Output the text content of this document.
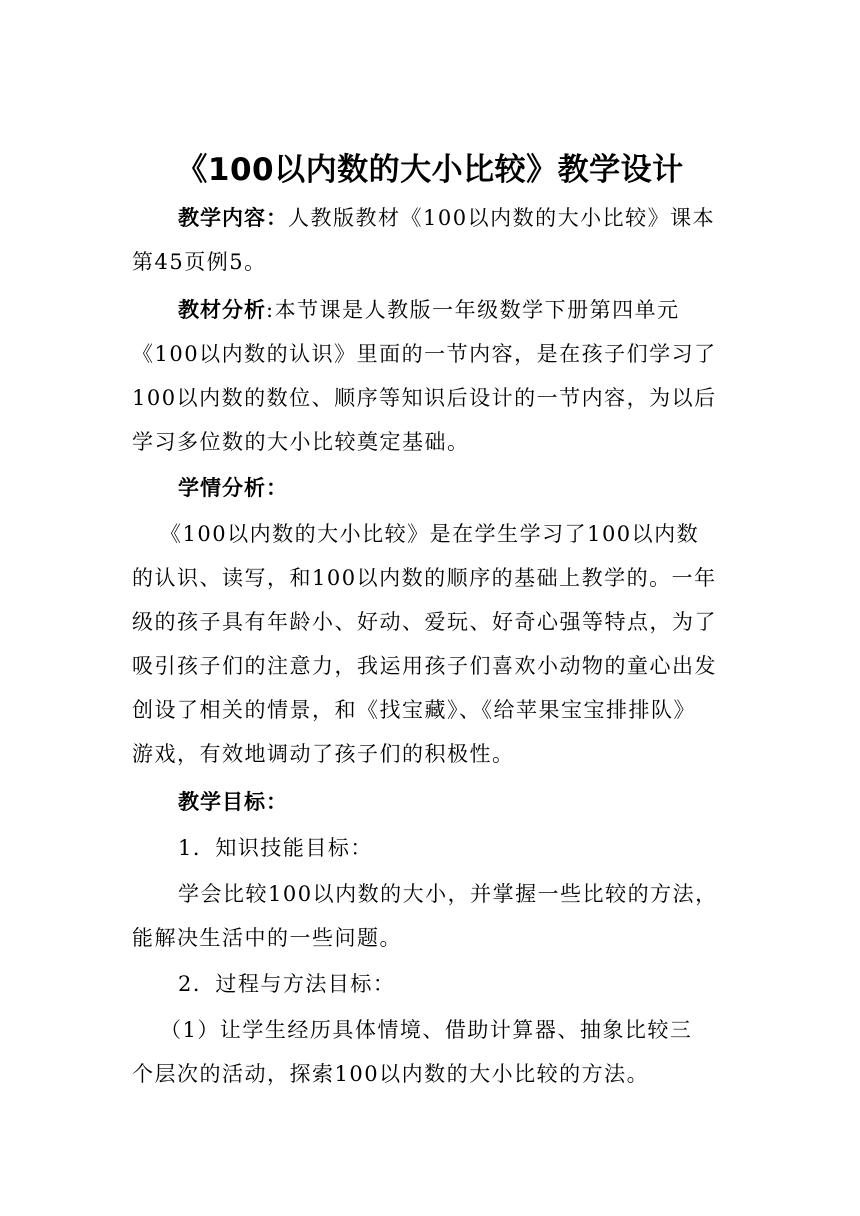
《100以内数的大小比较》教学设计
教学内容：人教版教材《100以内数的大小比较》课本
第45页例5。
教材分析:本节课是人教版一年级数学下册第四单元
《100以内数的认识》里面的一节内容，是在孩子们学习了
100以内数的数位、顺序等知识后设计的一节内容，为以后
学习多位数的大小比较奠定基础。
学情分析：
《100以内数的大小比较》是在学生学习了100以内数
的认识、读写，和100以内数的顺序的基础上教学的。一年
级的孩子具有年龄小、好动、爱玩、好奇心强等特点，为了
吸引孩子们的注意力，我运用孩子们喜欢小动物的童心出发
创设了相关的情景，和《找宝藏》、《给苹果宝宝排排队》
游戏，有效地调动了孩子们的积极性。
教学目标：
1．知识技能目标：
学会比较100以内数的大小，并掌握一些比较的方法，
能解决生活中的一些问题。
2．过程与方法目标：
（1）让学生经历具体情境、借助计算器、抽象比较三
个层次的活动，探索100以内数的大小比较的方法。
